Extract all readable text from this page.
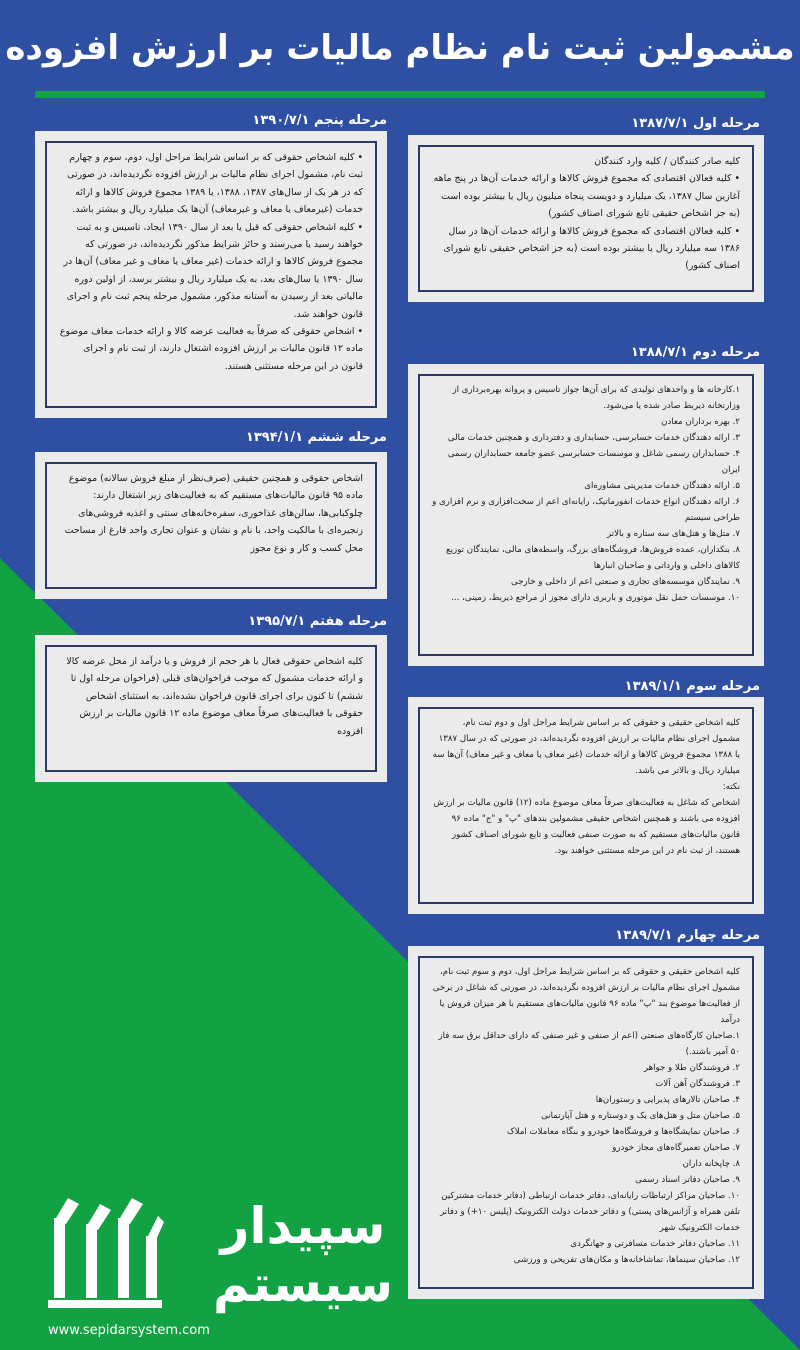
مشمولین ثبت نام نظام مالیات بر ارزش افزوده
مرحله اول ۱۳۸۷/۷/۱

کلیه صادر کنندگان / کلیه وارد کنندگان

• کلیه فعالان اقتصادی که مجموع فروش کالاها و ارائه خدمات آن‌ها در پنج ماهه آغازین سال ۱۳۸۷، یک میلیارد و دویست پنجاه میلیون ریال یا بیشتر بوده است (به جز اشخاص حقیقی تابع شورای اصناف کشور)

• کلیه فعالان اقتصادی که مجموع فروش کالاها و ارائه خدمات آن‌ها در سال ۱۳۸۶ سه میلیارد ریال یا بیشتر بوده است (به جز اشخاص حقیقی تابع شورای اصناف کشور)

مرحله دوم ۱۳۸۸/۷/۱
۱.کارخانه ها و واحدهای تولیدی که برای آن‌ها جواز تاسیس و پروانه بهره‌برداری از وزارتخانه ذیربط صادر شده یا می‌شود.
۲. بهره برداران معادن
۳. ارائه دهندگان خدمات حسابرسی، حسابداری و دفترداری و همچنین خدمات مالی
۴. حسابداران رسمی شاغل و موسسات حسابرسی عضو جامعه حسابداران رسمی ایران
۵. ارائه دهندگان خدمات مدیریتی مشاوره‌ای
۶. ارائه دهندگان انواع خدمات انفورماتیک، رایانه‌ای اعم از سخت‌افزاری و نرم افزاری و طراحی سیستم
۷. متل‌ها و هتل‌های سه ستاره و بالاتر
۸. بنکداران، عمده فروش‌ها، فروشگاه‌های بزرگ، واسطه‌های مالی، نمایندگان توزیع کالاهای داخلی و وارداتی و صاحبان انبارها
۹. نمایندگان موسسه‌های تجاری و صنعتی اعم از داخلی و خارجی
۱۰. موسسات حمل نقل موتوری و باربری دارای مجوز از مراجع ذیربط، زمینی، ...
مرحله سوم ۱۳۸۹/۱/۱

کلیه اشخاص حقیقی و حقوقی که بر اساس شرایط مراحل اول و دوم ثبت نام، مشمول اجرای نظام مالیات بر ارزش افزوده نگردیده‌اند، در صورتی که در سال ۱۳۸۷ یا ۱۳۸۸ مجموع فروش کالاها و ارائه خدمات (غیر معاف یا معاف و غیر معاف) آن‌ها سه میلیارد ریال و بالاتر می باشد.

نکته:

اشخاص که شاغل به فعالیت‌های صرفاً معاف موضوع ماده (۱۲) قانون مالیات بر ارزش افزوده می باشند و همچنین اشخاص حقیقی مشمولین بندهای "پ" و "ج" ماده ۹۶ قانون مالیات‌های مستقیم که به صورت صنفی فعالیت و تابع شورای اصناف کشور هستند، از ثبت نام در این مرحله مستثنی خواهند بود.

مرحله چهارم ۱۳۸۹/۷/۱

کلیه اشخاص حقیقی و حقوقی که بر اساس شرایط مراحل اول، دوم و سوم ثبت نام، مشمول اجرای نظام مالیات بر ارزش افزوده نگردیده‌اند، در صورتی که شاغل در برخی از فعالیت‌ها موضوع بند "پ" ماده ۹۶ قانون مالیات‌های مستقیم با هر میزان فروش یا درآمد

۱.صاحبان کارگاه‌های صنعتی (اعم از صنفی و غیر صنفی که دارای حداقل برق سه فاز ۵۰ آمپر باشند.)
۲. فروشندگان طلا و جواهر
۳. فروشندگان آهن آلات
۴. صاحبان تالارهای پذیرایی و رستوران‌ها
۵. صاحبان متل و هتل‌های یک و دوستاره و هتل آپارتمانی
۶. صاحبان نمایشگاه‌ها و فروشگاه‌ها خودرو و بنگاه معاملات املاک
۷. صاحبان تعمیرگاه‌های مجاز خودرو
۸. چاپخانه داران
۹. صاحبان دفاتر اسناد رسمی
۱۰. صاحبان مراکز ارتباطات رایانه‌ای، دفاتر خدمات ارتباطی (دفاتر خدمات مشترکین تلفن همراه و آژانس‌های پستی) و دفاتر خدمات دولت الکترونیک (پلیس ۱۰+) و دفاتر خدمات الکترونیک شهر
۱۱. صاحبان دفاتر خدمات مسافرتی و جهانگردی
۱۲. صاحبان سینماها، تماشاخانه‌ها و مکان‌های تفریحی و ورزشی
مرحله پنجم ۱۳۹۰/۷/۱

• کلیه اشخاص حقوقی که بر اساس شرایط مراحل اول، دوم، سوم و چهارم ثبت نام، مشمول اجرای نظام مالیات بر ارزش افزوده نگردیده‌اند، در صورتی که در هر یک از سال‌های ۱۳۸۷، ۱۳۸۸، یا ۱۳۸۹ مجموع فروش کالاها و ارائه خدمات (غیرمعاف یا معاف و غیرمعاف) آن‌ها یک میلیارد ریال و بیشتر باشد.

• کلیه اشخاص حقوقی که قبل یا بعد از سال ۱۳۹۰ ایجاد، تاسیس و به ثبت خواهند رسید یا می‌رسند و حائز شرایط مذکور نگردیده‌اند، در صورتی که مجموع فروش کالاها و ارائه خدمات (غیر معاف یا معاف و غیر معاف) آن‌ها در سال ۱۳۹۰ یا سال‌های بعد، به یک میلیارد ریال و بیشتر برسد، از اولین دوره مالیاتی بعد از رسیدن به آستانه مذکور، مشمول مرحله پنجم ثبت نام و اجرای قانون خواهند شد.

• اشخاص حقوقی که صرفاً به فعالیت عرضه کالا و ارائه خدمات معاف موضوع ماده ۱۲ قانون مالیات بر ارزش افزوده اشتغال دارند، از ثبت نام و اجرای قانون در این مرحله مستثنی هستند.

مرحله ششم ۱۳۹۴/۱/۱

اشخاص حقوقی و همچنین حقیقی (صرف‌نظر از مبلغ فروش سالانه) موضوع ماده ۹۵ قانون مالیات‌های مستقیم که به فعالیت‌های زیر اشتغال دارند: چلوکبابی‌ها، سالن‌های غذاخوری، سفره‌خانه‌های سنتی و اغذیه فروشی‌های زنجیره‌ای با مالکیت واحد، با نام و نشان و عنوان تجاری واحد فارغ از مساحت محل کسب و کار و نوع مجوز

مرحله هفتم ۱۳۹۵/۷/۱

کلیه اشخاص حقوقی فعال با هر حجم از فروش و یا درآمد از محل عرضه کالا و ارائه خدمات مشمول که موجب فراخوان‌های قبلی (فراخوان مرحله اول تا ششم) تا کنون برای اجرای قانون فراخوان نشده‌اند، به استثنای اشخاص حقوقی با فعالیت‌های صرفاً معاف موضوع ماده ۱۲ قانون مالیات بر ارزش افزوده

سپیدار
سیستم
www.sepidarsystem.com
